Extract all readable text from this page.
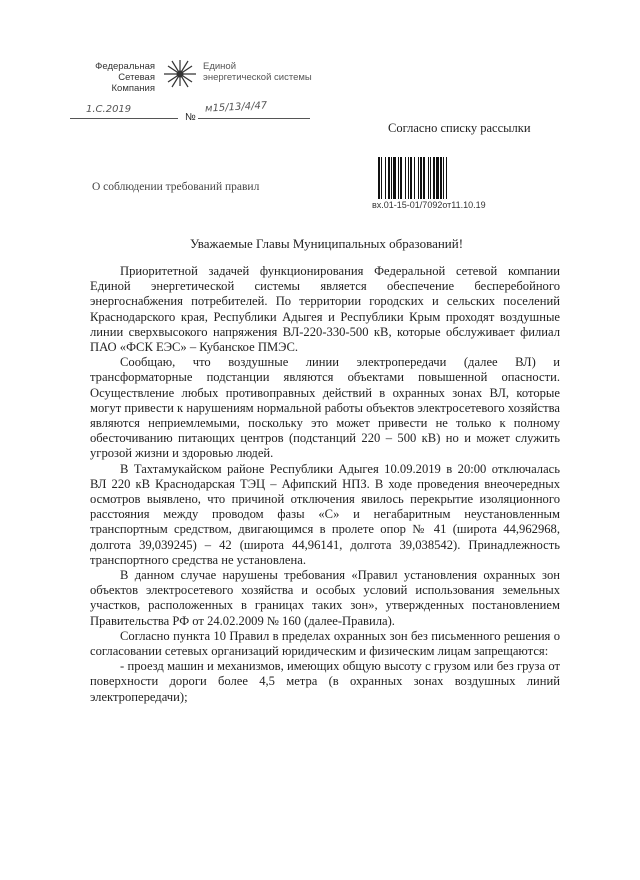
Федеральная
Сетевая Компания
Единой
энергетической системы
1.С.2019
№
м15/13/4/47
Согласно списку рассылки
О соблюдении требований правил
вх.01-15-01/7092от11.10.19
Уважаемые Главы Муниципальных образований!

Приоритетной задачей функционирования Федеральной сетевой компании Единой энергетической системы является обеспечение бесперебойного энергоснабжения потребителей. По территории городских и сельских поселений Краснодарского края, Республики Адыгея и Республики Крым проходят воздушные линии сверхвысокого напряжения ВЛ-220-330-500 кВ, которые обслуживает филиал ПАО «ФСК ЕЭС» – Кубанское ПМЭС.

Сообщаю, что воздушные линии электропередачи (далее ВЛ) и трансформаторные подстанции являются объектами повышенной опасности. Осуществление любых противоправных действий в охранных зонах ВЛ, которые могут привести к нарушениям нормальной работы объектов электросетевого хозяйства являются неприемлемыми, поскольку это может привести не только к полному обесточиванию питающих центров (подстанций 220 – 500 кВ) но и может служить угрозой жизни и здоровью людей.

В Тахтамукайском районе Республики Адыгея 10.09.2019 в 20:00 отключалась ВЛ 220 кВ Краснодарская ТЭЦ – Афипский НПЗ. В ходе проведения внеочередных осмотров выявлено, что причиной отключения явилось перекрытие изоляционного расстояния между проводом фазы «С» и негабаритным неустановленным транспортным средством, двигающимся в пролете опор № 41 (широта 44,962968, долгота 39,039245) – 42 (широта 44,96141, долгота 39,038542). Принадлежность транспортного средства не установлена.

В данном случае нарушены требования «Правил установления охранных зон объектов электросетевого хозяйства и особых условий использования земельных участков, расположенных в границах таких зон», утвержденных постановлением Правительства РФ от 24.02.2009 № 160 (далее-Правила).

Согласно пункта 10 Правил в пределах охранных зон без письменного решения о согласовании сетевых организаций юридическим и физическим лицам запрещаются:

- проезд машин и механизмов, имеющих общую высоту с грузом или без груза от поверхности дороги более 4,5 метра (в охранных зонах воздушных линий электропередачи);
